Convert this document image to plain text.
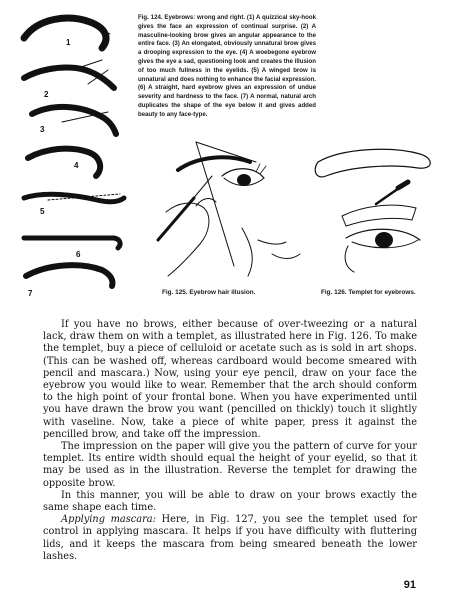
1
2
3
4
5
6
7
Fig. 124. Eyebrows: wrong and right. (1) A quizzical sky-hook gives the face an expression of continual surprise. (2) A masculine-looking brow gives an angular appearance to the entire face. (3) An elongated, obviously unnatural brow gives a drooping expression to the eye. (4) A woebegone eyebrow gives the eye a sad, questioning look and creates the illusion of too much fullness in the eyelids. (5) A winged brow is unnatural and does nothing to enhance the facial expression. (6) A straight, hard eyebrow gives an expression of undue severity and hardness to the face. (7) A normal, natural arch duplicates the shape of the eye below it and gives added beauty to any face-type.
Fig. 125. Eyebrow hair illusion.	Fig. 126. Templet for eyebrows.

If you have no brows, either because of over-tweezing or a natural lack, draw them on with a templet, as illustrated here in Fig. 126. To make the templet, buy a piece of celluloid or acetate such as is sold in art shops. (This can be washed off, whereas cardboard would become smeared with pencil and mascara.) Now, using your eye pencil, draw on your face the eyebrow you would like to wear. Remember that the arch should conform to the high point of your frontal bone. When you have experimented until you have drawn the brow you want (pencilled on thickly) touch it slightly with vaseline. Now, take a piece of white paper, press it against the pencilled brow, and take off the impression.

The impression on the paper will give you the pattern of curve for your templet. Its entire width should equal the height of your eyelid, so that it may be used as in the illustration. Reverse the templet for drawing the opposite brow.

In this manner, you will be able to draw on your brows exactly the same shape each time.

Applying mascara: Here, in Fig. 127, you see the templet used for control in applying mascara. It helps if you have difficulty with fluttering lids, and it keeps the mascara from being smeared beneath the lower lashes.

91
